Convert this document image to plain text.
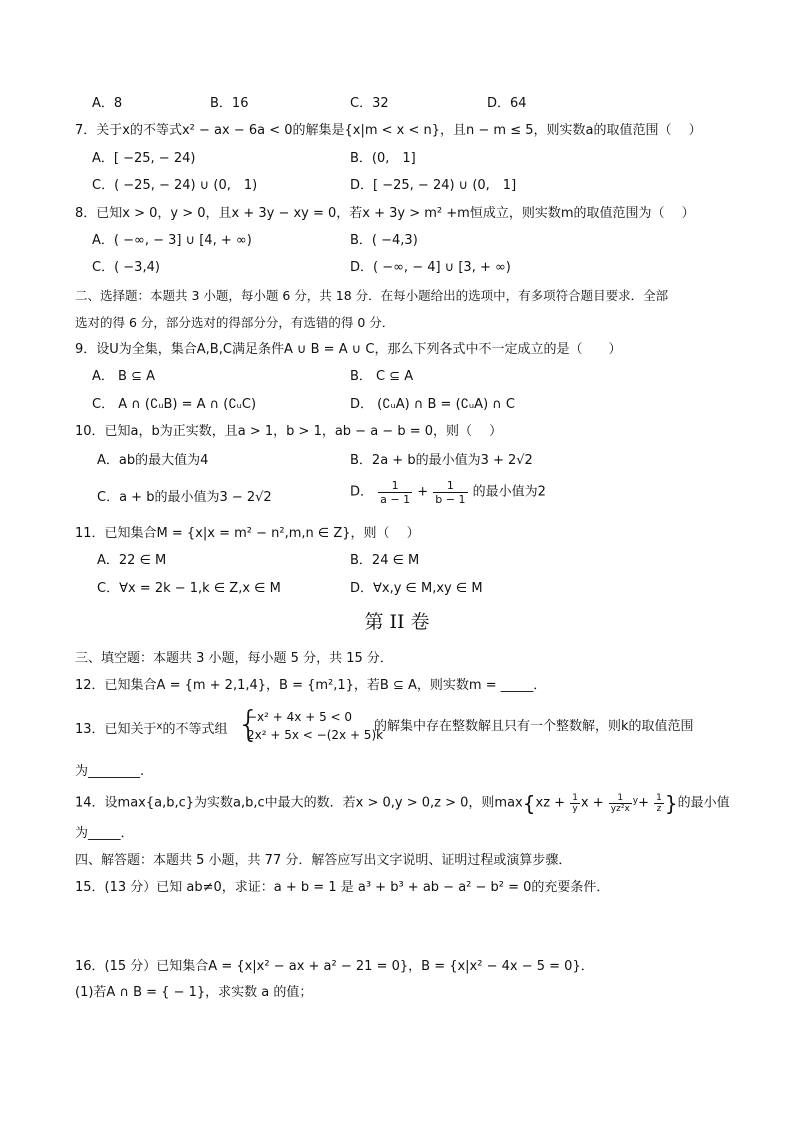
A．8	B．16	C．32	D．64
7．关于x的不等式x² − ax − 6a < 0的解集是{x|m < x < n}，且n − m ≤ 5，则实数a的取值范围（　 ）
A．[ −25, − 24)	B．(0,　1]
C．( −25, − 24) ∪ (0,　1)	D．[ −25, − 24) ∪ (0,　1]
8．已知x > 0，y > 0，且x + 3y − xy = 0，若x + 3y > m² +m恒成立，则实数m的取值范围为（　 ）
A．( −∞, − 3] ∪ [4, + ∞)	B．( −4,3)
C．( −3,4)	D．( −∞, − 4] ∪ [3, + ∞)
二、选择题：本题共 3 小题，每小题 6 分，共 18 分．在每小题给出的选项中，有多项符合题目要求．全部
选对的得 6 分，部分选对的得部分分，有选错的得 0 分．
9．设U为全集，集合A,B,C满足条件A ∪ B = A ∪ C，那么下列各式中不一定成立的是（　　）
A． B ⊆ A	B． C ⊆ A
C． A ∩ (∁ᵤB) = A ∩ (∁ᵤC)	D． (∁ᵤA) ∩ B = (∁ᵤA) ∩ C
10．已知a，b为正实数，且a > 1，b > 1，ab − a − b = 0，则（　 ）
A．ab的最大值为4	B．2a + b的最小值为3 + 2√2
C．a + b的最小值为3 − 2√2	D． $\frac{1}{a - 1} + \frac{1}{b - 1}$ 的最小值为2
11．已知集合M = {x|x = m² − n²,m,n ∈ Z}，则（　 ）
A．22 ∈ M	B．24 ∈ M
C．∀x = 2k − 1,k ∈ Z,x ∈ M	D．∀x,y ∈ M,xy ∈ M
第 II 卷
三、填空题：本题共 3 小题，每小题 5 分，共 15 分．
12．已知集合A = {m + 2,1,4}，B = {m²,1}，若B ⊆ A，则实数m = _____．
13．已知关于$^x$的不等式组 {
−x² + 4x + 5 < 0
2x² + 5x < −(2x + 5)k
的解集中存在整数解且只有一个整数解，则k的取值范围
为________.
14．设max{a,b,c}为实数a,b,c中最大的数．若x > 0,y > 0,z > 0，则$\max\{xz + \frac{1}{y}$ $x + \frac{1}{\text{yz²x}} ^y+ \frac{1}{z}$ }的最小值
为_____．
四、解答题：本题共 5 小题，共 77 分．解答应写出文字说明、证明过程或演算步骤．
15．(13 分）已知 ab≠0，求证：a + b = 1 是 a³ + b³ + ab − a² − b² = 0的充要条件．
16．(15 分）已知集合A = {x|x² − ax + a² − 21 = 0}，B = {x|x² − 4x − 5 = 0}．
(1)若A ∩ B = { − 1}，求实数 a 的值；
